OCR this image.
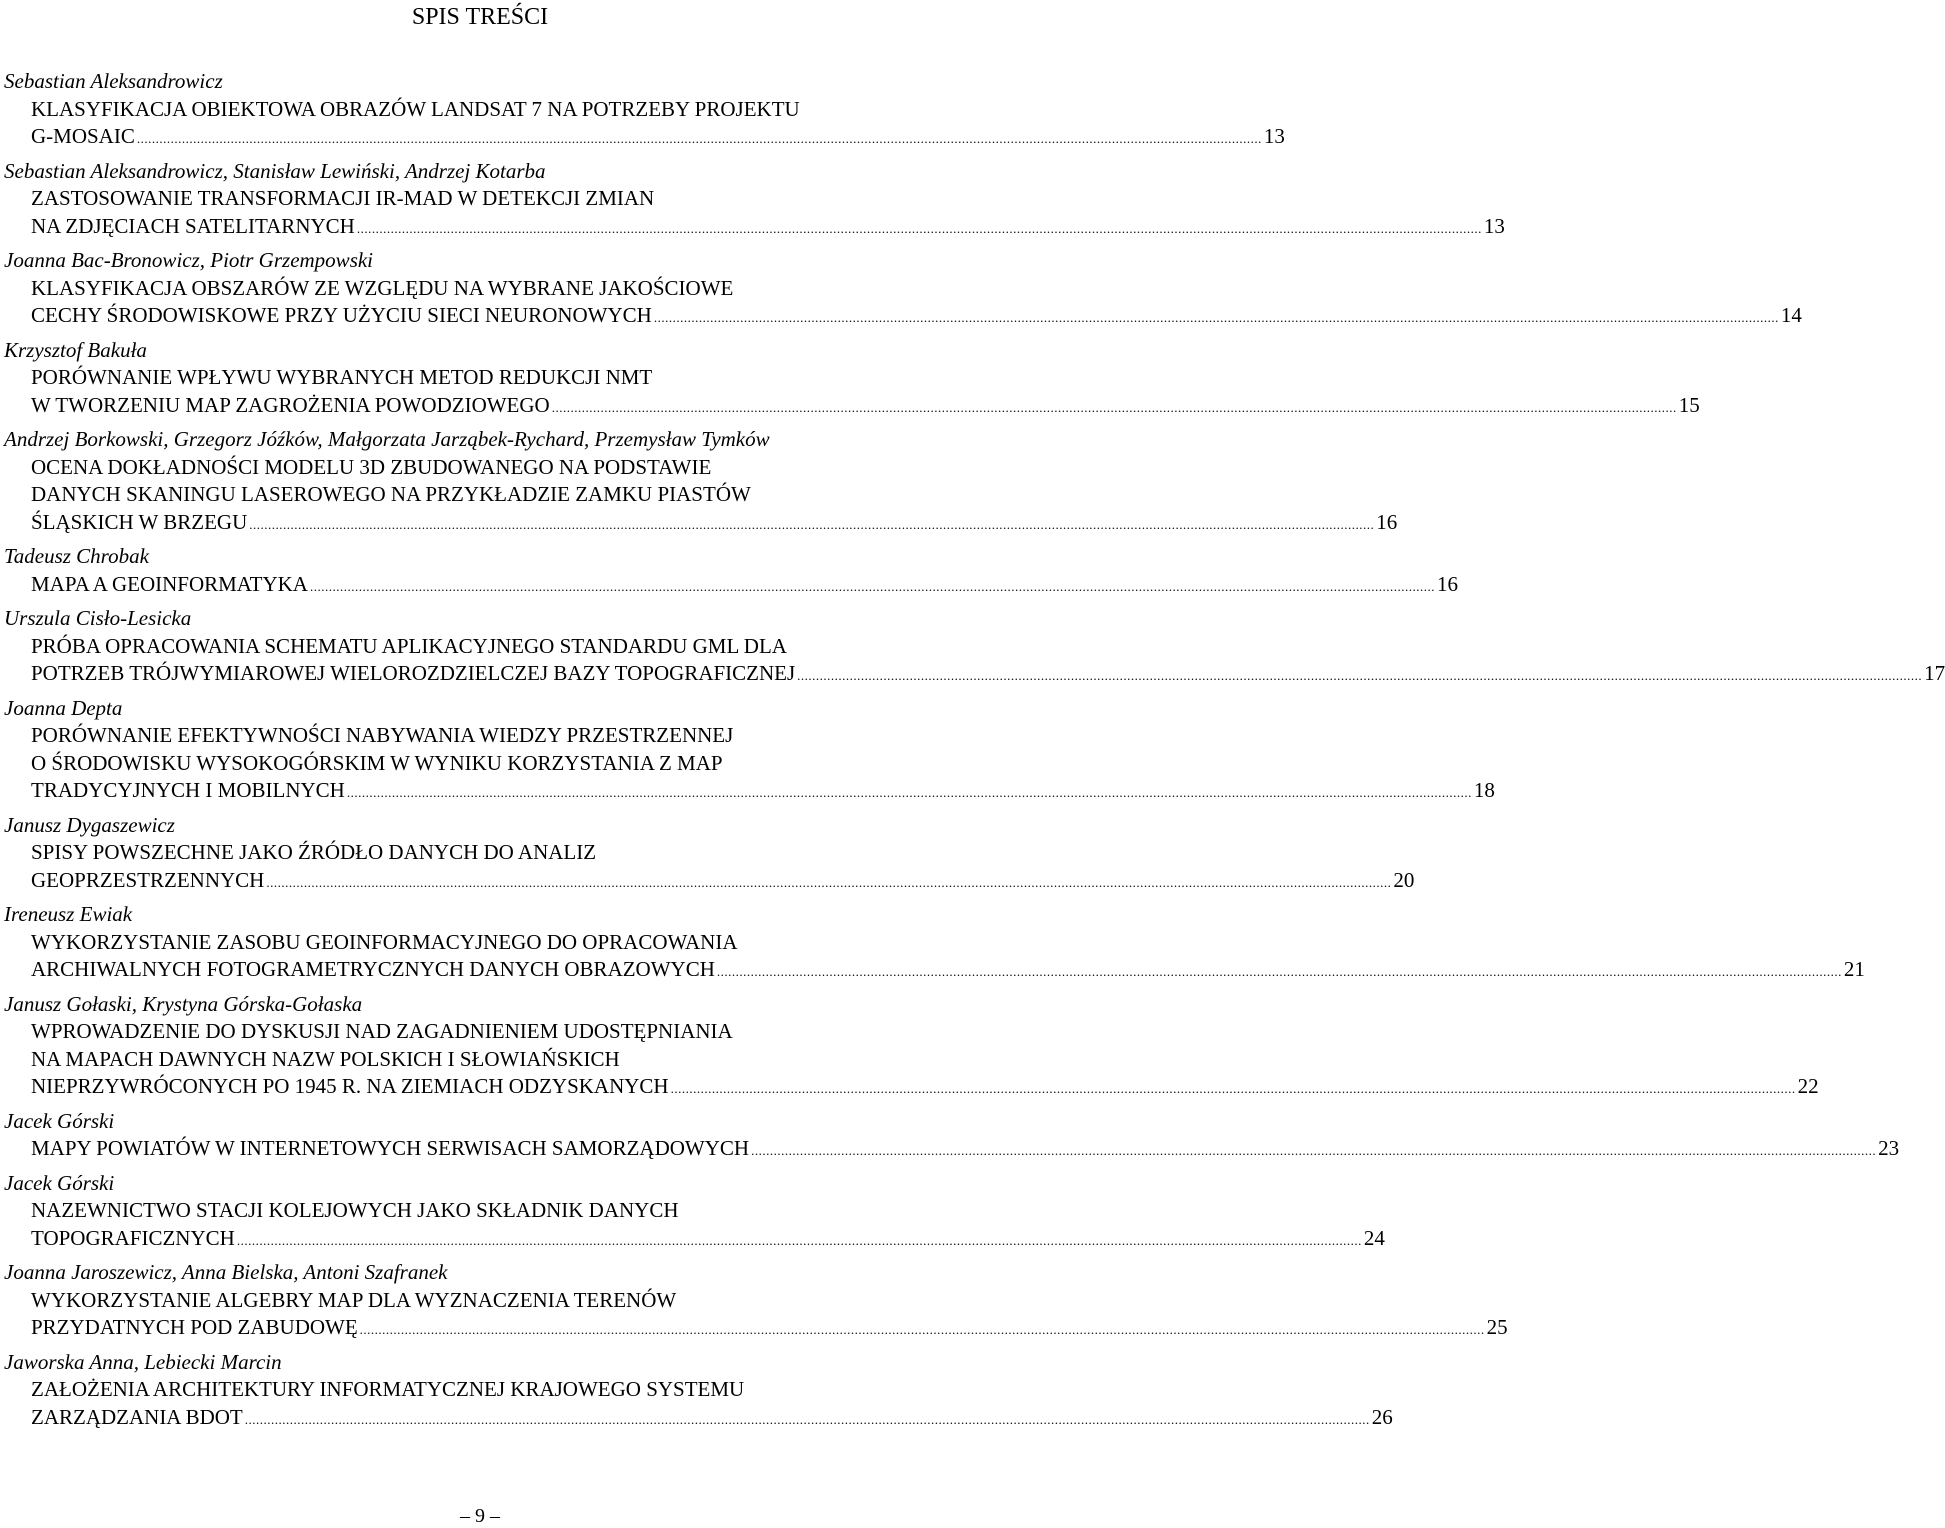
SPIS TREŚCI
Sebastian Aleksandrowicz
KLASYFIKACJA OBIEKTOWA OBRAZÓW LANDSAT 7 NA POTRZEBY PROJEKTU
G-MOSAIC ............................................................................................................................................................................................................................................................................................................ 13
Sebastian Aleksandrowicz, Stanisław Lewiński, Andrzej Kotarba
ZASTOSOWANIE TRANSFORMACJI IR-MAD W DETEKCJI ZMIAN
NA ZDJĘCIACH SATELITARNYCH ............................................................................................................................................................................................................................................................................................................ 13
Joanna Bac-Bronowicz, Piotr Grzempowski
KLASYFIKACJA OBSZARÓW ZE WZGLĘDU NA WYBRANE JAKOŚCIOWE
CECHY ŚRODOWISKOWE PRZY UŻYCIU SIECI NEURONOWYCH ............................................................................................................................................................................................................................................................................................................ 14
Krzysztof Bakuła
PORÓWNANIE WPŁYWU WYBRANYCH METOD REDUKCJI NMT
W TWORZENIU MAP ZAGROŻENIA POWODZIOWEGO ............................................................................................................................................................................................................................................................................................................ 15
Andrzej Borkowski, Grzegorz Jóźków, Małgorzata Jarząbek-Rychard, Przemysław Tymków
OCENA DOKŁADNOŚCI MODELU 3D ZBUDOWANEGO NA PODSTAWIE
DANYCH SKANINGU LASEROWEGO NA PRZYKŁADZIE ZAMKU PIASTÓW
ŚLĄSKICH W BRZEGU ............................................................................................................................................................................................................................................................................................................ 16
Tadeusz Chrobak
MAPA A GEOINFORMATYKA ............................................................................................................................................................................................................................................................................................................ 16
Urszula Cisło-Lesicka
PRÓBA OPRACOWANIA SCHEMATU APLIKACYJNEGO STANDARDU GML DLA
POTRZEB TRÓJWYMIAROWEJ WIELOROZDZIELCZEJ BAZY TOPOGRAFICZNEJ ............................................................................................................................................................................................................................................................................................................ 17
Joanna Depta
PORÓWNANIE EFEKTYWNOŚCI NABYWANIA WIEDZY PRZESTRZENNEJ
O ŚRODOWISKU WYSOKOGÓRSKIM W WYNIKU KORZYSTANIA Z MAP
TRADYCYJNYCH I MOBILNYCH ............................................................................................................................................................................................................................................................................................................ 18
Janusz Dygaszewicz
SPISY POWSZECHNE JAKO ŹRÓDŁO DANYCH DO ANALIZ
GEOPRZESTRZENNYCH ............................................................................................................................................................................................................................................................................................................ 20
Ireneusz Ewiak
WYKORZYSTANIE ZASOBU GEOINFORMACYJNEGO DO OPRACOWANIA
ARCHIWALNYCH FOTOGRAMETRYCZNYCH DANYCH OBRAZOWYCH ............................................................................................................................................................................................................................................................................................................ 21
Janusz Gołaski, Krystyna Górska-Gołaska
WPROWADZENIE DO DYSKUSJI NAD ZAGADNIENIEM UDOSTĘPNIANIA
NA MAPACH DAWNYCH NAZW POLSKICH I SŁOWIAŃSKICH
NIEPRZYWRÓCONYCH PO 1945 R. NA ZIEMIACH ODZYSKANYCH ............................................................................................................................................................................................................................................................................................................ 22
Jacek Górski
MAPY POWIATÓW W INTERNETOWYCH SERWISACH SAMORZĄDOWYCH ............................................................................................................................................................................................................................................................................................................ 23
Jacek Górski
NAZEWNICTWO STACJI KOLEJOWYCH JAKO SKŁADNIK DANYCH
TOPOGRAFICZNYCH ............................................................................................................................................................................................................................................................................................................ 24
Joanna Jaroszewicz, Anna Bielska, Antoni Szafranek
WYKORZYSTANIE ALGEBRY MAP DLA WYZNACZENIA TERENÓW
PRZYDATNYCH POD ZABUDOWĘ ............................................................................................................................................................................................................................................................................................................ 25
Jaworska Anna, Lebiecki Marcin
ZAŁOŻENIA ARCHITEKTURY INFORMATYCZNEJ KRAJOWEGO SYSTEMU
ZARZĄDZANIA BDOT ............................................................................................................................................................................................................................................................................................................ 26
– 9 –
